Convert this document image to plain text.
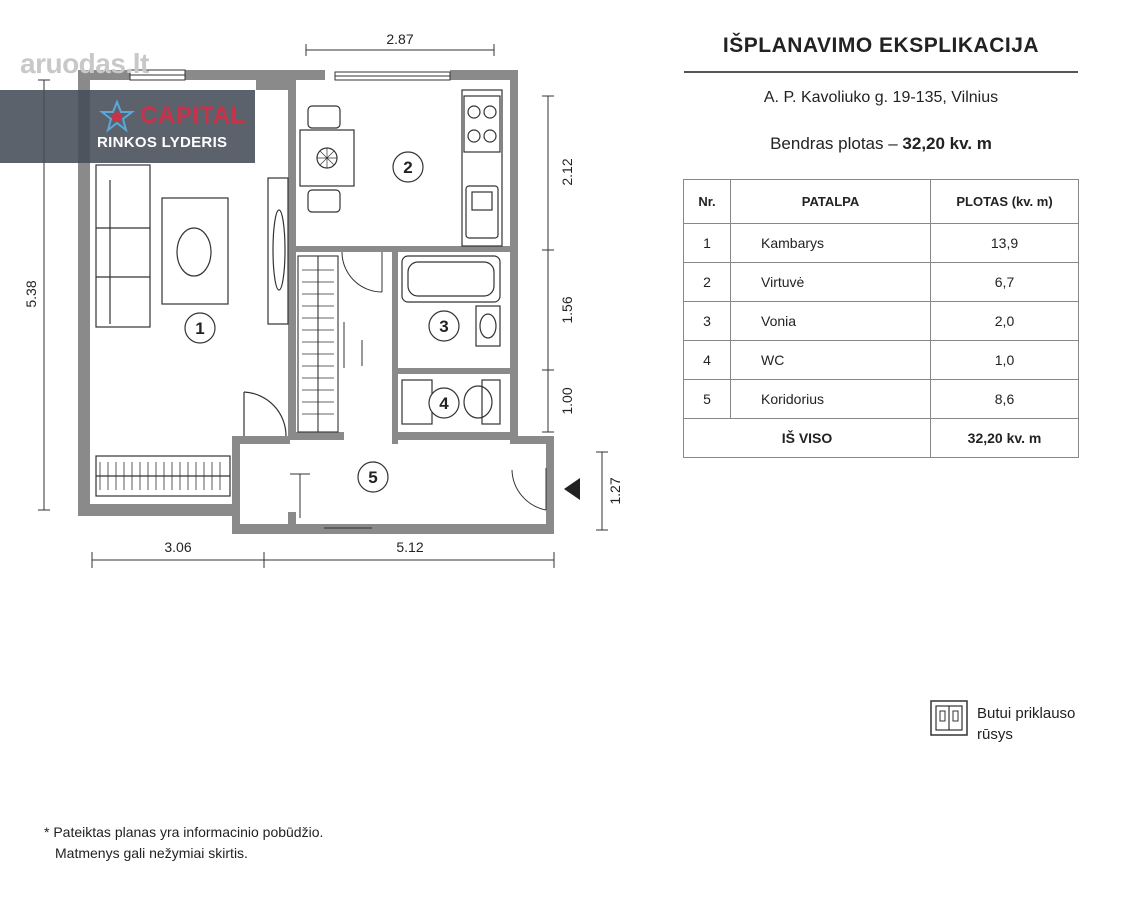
1
2
3
4
5
2.87
5.38
2.12
1.56
1.00
1.27
3.06	5.12
aruodas.lt
CAPITAL
RINKOS LYDERIS
IŠPLANAVIMO EKSPLIKACIJA
A. P. Kavoliuko g. 19-135, Vilnius
Bendras plotas – 32,20 kv. m
Nr.	PATALPA	PLOTAS (kv. m)
1	Kambarys	13,9
2	Virtuvė	6,7
3	Vonia	2,0
4	WC	1,0
5	Koridorius	8,6
IŠ VISO		32,20 kv. m
Butui priklauso
rūsys
* Pateiktas planas yra informacinio pobūdžio.
Matmenys gali nežymiai skirtis.
